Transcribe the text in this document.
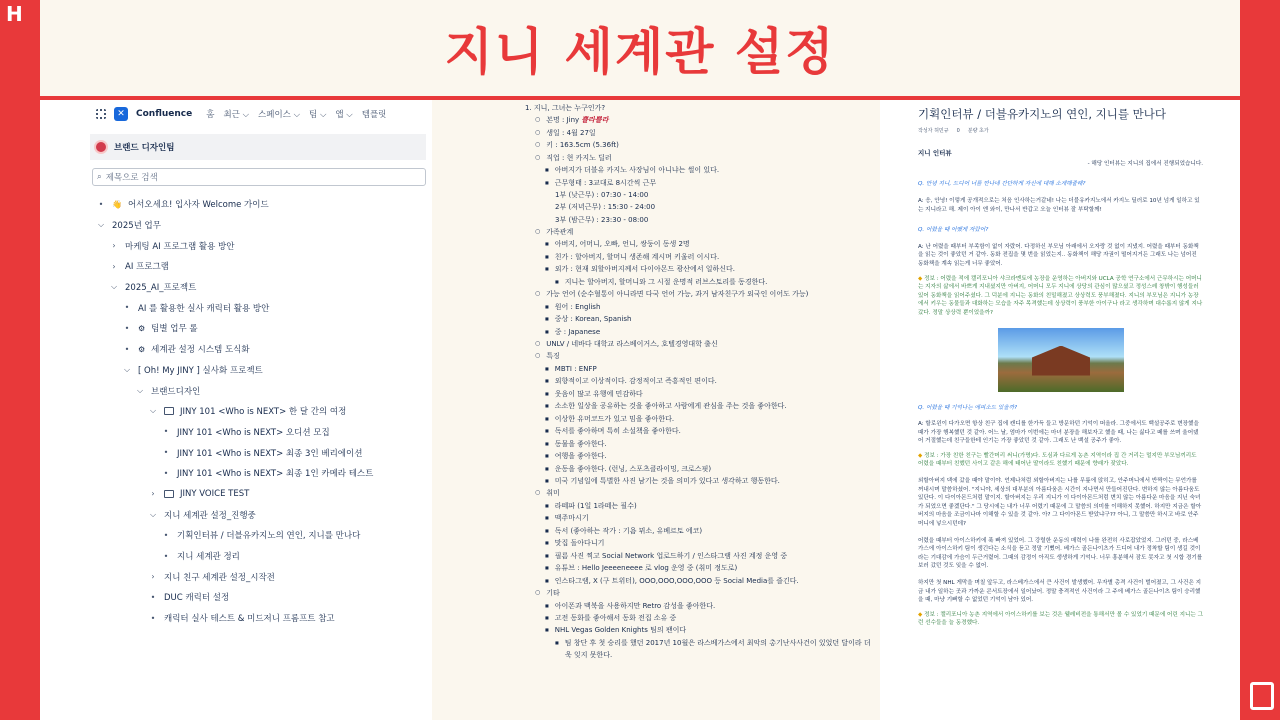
지니 세계관 설정
✕	Confluence 홈 최근 ⌵ 스페이스 ⌵ 팀 ⌵ 앱 ⌵ 템플릿
브랜드 디자인팀
⌕ 제목으로 검색
•	👋 어서오세요! 입사자 Welcome 가이드
⌵ 2025년 업무
›	마케팅 AI 프로그램 활용 방안
›	AI 프로그램
⌵ 2025_AI_프로젝트
•	AI 를 활용한 실사 캐릭터 활용 방안
•	⚙ 팀별 업무 롤
•	⚙ 세계관 설정 시스템 도식화
⌵ [ Oh! My JINY ] 실사화 프로젝트
⌵ 브랜드디자인
⌵	JINY 101 <Who is NEXT> 한 달 간의 여정
•	JINY 101 <Who is NEXT> 오디션 모집
•	JINY 101 <Who is NEXT> 최종 3인 베리에이션
•	JINY 101 <Who is NEXT> 최종 1인 카메라 테스트
›	JINY VOICE TEST
⌵ 지니 세계관 설정_진행중
•	기획인터뷰 / 더블유카지노의 연인, 지니를 만나다
•	지니 세계관 정리
›	지니 친구 세계관 설정_시작전
•	DUC 캐릭터 설정
•	캐릭터 실사 테스트 & 미드저니 프롬프트 참고
1. 지니, 그녀는 누구인가?
○ 본명 : Jiny 쁠라쁠라
○ 생일 : 4월 27일
○ 키 : 163.5cm (5.36ft)
○ 직업 : 현 카지노 딜러
■ 아버지가 더블유 카지노 사장님이 아니냐는 썰이 있다.
■ 근무형태 : 3교대로 8시간씩 근무
1부 (낮근무) : 07:30 - 14:00
2부 (저녁근무) : 15:30 - 24:00
3부 (밤근무) : 23:30 - 08:00
○ 가족관계
■ 아버지, 어머니, 오빠, 언니, 쌍둥이 동생 2명
■ 친가 : 할아버지, 할머니 생존해 계시며 키울러 이시다.
■ 외가 : 현재 외할아버지께서 다이아몬드 광산에서 일하신다.
■ 지니는 할아버지, 할머니와 그 시절 운명적 러브스토리를 동경한다.
○ 가능 언어 (순수혈통이 아니라면 다국 언어 가능, 과거 남자친구가 외국인 이어도 가능)
■ 원어 : English
■ 중상 : Korean, Spanish
■ 중 : Japanese
○ UNLV / 네바다 대학교 라스베이거스, 호텔경영대학 출신
○ 특징
■ MBTI : ENFP
■ 외향적이고 이상적이다. 감정적이고 즉흥적인 편이다.
■ 웃음이 많고 유행에 민감하다
■ 소소한 일상을 공유하는 것을 좋아하고 사람에게 관심을 주는 것을 좋아한다.
■ 이상한 유머코드가 있고 밈을 좋아한다.
■ 독서를 좋아하며 특히 소설책을 좋아한다.
■ 동물을 좋아한다.
■ 여행을 좋아한다.
■ 운동을 좋아한다. (런닝, 스포츠클라이밍, 크로스핏)
■ 미국 기념일에 특별한 사진 남기는 것을 의미가 있다고 생각하고 행동한다.
○ 취미
■ 라떼파 (1일 1라떼는 필수)
■ 맥주마시기
■ 독서 (좋아하는 작가 : 기욤 뮈소, 유베르토 에코)
■ 맛집 돌아다니기
■ 필름 사진 찍고 Social Network 업로드하기 / 인스타그램 사진 계정 운영 중
■ 유튜브 : Hello Jeeeeneeee 로 vlog 운영 중 (취미 정도로)
■ 인스타그램, X (구 트위터), OOO,OOO,OOO,OOO 등 Social Media를 즐긴다.
○ 기타
■ 아이폰과 맥북을 사용하지만 Retro 감성을 좋아한다.
■ 고전 동화를 좋아해서 동화 전집 소유 중
■ NHL Vegas Golden Knights 팀의 팬이다
■ 팀 창단 후 첫 승리를 했던 2017년 10월은 라스베가스에서 최악의 총기난사사건이 있었던 달이라 더
욱 잊지 못한다.
기획인터뷰 / 더블유카지노의 연인, 지니를 만나다
작성자 허민규 0 분량 초가
지니 인터뷰
- 해당 인터뷰는 지니의 집에서 진행되었습니다.
Q. 안녕 지니, 드디어 너를 만나네 간단하게 자신에 대해 소개해줄래?
A: 응, 안녕! 이렇게 공개적으로는 처음 인사하는거같네! 나는 더블유카지노에서 카지노 딜러로 10년 넘게 일하고 있는 지니라고 해. 제이 아이 엔 와이, 만나서 반갑고 오늘 인터뷰 잘 부탁할께!
Q. 어렸을 때 어땠게 자랐어?
A: 난 어렸을 때부터 부족함이 없이 자랐어. 다정하신 부모님 아래에서 오자랑 것 없이 지냈지. 어렸을 때부터 동화책을 읽는 것이 좋았던 거 같아. 동화 전집을 몇 번을 읽었는지.. 동화책이 해당 자권이 떨어지거든 그래도 나는 넘어진 동화책을 계속 읽는게 너무 좋았어.
◆ 정보 : 어렸을 적에 캘리포니아 샤크라멘토에 농장을 운영하는 아버지와 UCLA 공학 연구소에서 근무하시는 어머니는 지자의 삶에서 바쁘게 지내셨지만 아버지, 어머니 모두 지니에 상당의 관심이 많으셨고 정성스레 창밖이 행성들러있어 동화책을 읽어주셨다. 그 덕분에 지니는 동화의 친밀해졌고 상상력도 풍부해졌다. 지니의 부모님은 지니가 농장에서 키우는 동물들과 대화하는 모습을 자주 목격했는데 상상력이 풍부한 아이구나 라고 생각하며 대수롭지 않게 지나갔다. 정말 상상력 뿐이었을까?
Q. 어렸을 때 기억나는 에피소드 있을까?
A: 할로윈이 다가오면 항상 친구 집에 캔디를 한가득 들고 방문하던 기억이 떠올라. 그중에서도 백설공주로 변장했을 때가 가장 행복했던 것 같아. 어느 날, 엄마가 이번에는 마녀 분장을 해보자고 했을 때, 나는 싫다고 떼를 쓰며 울어댔어 거절했는데 친구들한테 인기는 가장 좋았던 것 같아. 그래도 난 백설 공주가 좋아.
◆ 정보 : 가장 친한 친구는 빨간머리 써니(가명)다. 도심과 다르게 농촌 지역이라 집 간 거리는 멀지만 부모님끼리도 어렸을 때부터 친했던 사이고 같은 해에 태어난 딸이라도 친했기 때문에 향래가 잦았다.
외할아버지 댁에 갔을 때야 말이야. 언제나처럼 외할아버지는 나를 무릎에 앉히고, 안주머니에서 반짝이는 무언가를 꺼내시며 말씀하셨어. "지니야, 세상의 대부분의 아름다움은 시간이 지나면서 만들어진단다. 변하지 않는 아름다움도 있단다. 이 다이아몬드처럼 말이지. 할아버지는 우리 지니가 이 다이아몬드처럼 변치 않는 아름다운 마음을 지닌 숙녀가 되었으면 좋겠단다." 그 당시에는 내가 너무 어렸기 때문에 그 말씀의 의미를 이해하지 못했어. 하지만 지금은 할아버지의 마음을 조금이나마 이해할 수 있을 것 같아. 아? 그 다이아몬드 받았냐구?? 아니, 그 말씀만 하시고 바로 안주머니에 넣으시던데?
어렸을 때부터 아이스하키에 푹 빠져 있었어. 그 강렬한 운동의 매력이 나를 완전히 사로잡았었지. 그러던 중, 라스베가스에 아이스하키 팀이 생긴다는 소식을 듣고 정말 기뻤어. 베가스 골든나이츠가 드디어 내가 정착할 팀이 생길 것이라는 기대감에 가슴이 두근거렸어. 그때의 감정이 아직도 생생하게 기억나. 너무 흥분해서 잠도 못자고 첫 시합 경기를 보러 갔던 것도 잊을 수 없어.
하지만 첫 NHL 게막을 며칠 앞두고, 라스베가스에서 큰 사건이 발생했어. 무자별 총격 사건이 벌어졌고, 그 사건은 지금 내가 일하는 곳과 가까운 콘서트장에서 일어났어. 정말 충격적인 사건이라 그 주에 베가스 골든나이츠 팀이 승리했을 때, 마냥 기뻐할 수 없었던 기억이 남아 있어.
◆ 정보 : 캘리포니아 농촌 지역에서 아이스하키를 보는 것은 웰레비전을 통해서만 볼 수 있었기 때문에 어린 지니는 그런 선수들을 늘 동경했다.
H
